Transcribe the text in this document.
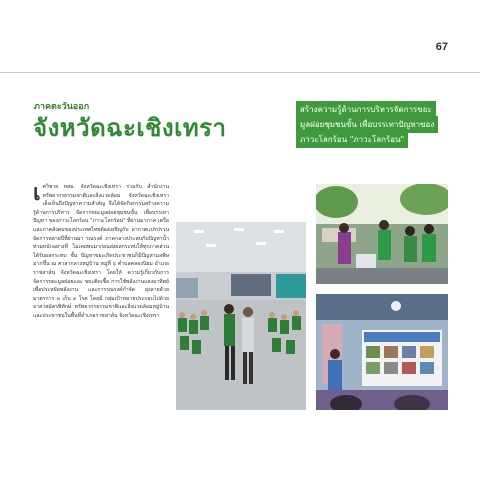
67
ภาคตะวันออก
จังหวัดฉะเชิงเทรา
สร้างความรู้ด้านการบริหารจัดการขยะ
มูลฝอยชุมชนขั้น เพื่อบรรเทาปัญหาของ
ภาวะโลกร้อน "ภาวะโลกร้อน"
เ ศวีชาย หสม. จังหวัดฉะเชิงเทรา ร่วมกับ สำนักงานทรัพยากรธรรมชาติและสิ่งแวดล้อม จังหวัดฉะเชิงเทรา เล็งเห็นถึงปัญหาความสำคัญ จึงได้จัดกิจกรรมสร้างความรู้ด้านการบริหาร จัดการขยะมูลฝอยชุมชนขั้น เพื่อบรรเทาปัญหา ของภาวะโลกร้อน "ภาวะโลกร้อน" ที่ผ่านมาภาค เครือและภาคสังคมของประเทศไทยต้องเผชิญกับ อากาศแปรปรวนจัดการหลายปีที่ผ่านมา รณรงค์ ภาคกลางประสบกับปัญหาน้ำท่วมหนักอย่างที่ ไม่เคยพบมาก่อนส่งผลกระทบให้ทุกภาคส่วนได้รับผลกระทบ ชั้น ปัญหาขยะเกิดประชาชนก็มีปัญหามลพิษมากขึ้น ณ ศาลากลางหมู่บ้าน หมู่ที่ ๖ ตำบลคลองนิยม อำเภอราชสาส์น จังหวัดฉะเชิงเทรา โดยให้ ความรู้เกี่ยวกับการจัดการขยะมูลฝอยและ ขยะติดเชื้อ การใช้พลังงานแสงอาทิตย์ เพื่อประหยัดพลังงาน และการรณรงค์กำจัด ยุงลายด้วยมาตรการ ๓ เก็บ ๓ โรค โดยมี กลุ่มเป้าหมายประกอบไปด้วยอาสาสมัครพิทักษ์ ทรัพยากรธรรมชาติและสิ่งแวดล้อมหมู่บ้าน และประชาชนในพื้นที่อำเภอราชสาส์น จังหวัดฉะเชิงเทรา
